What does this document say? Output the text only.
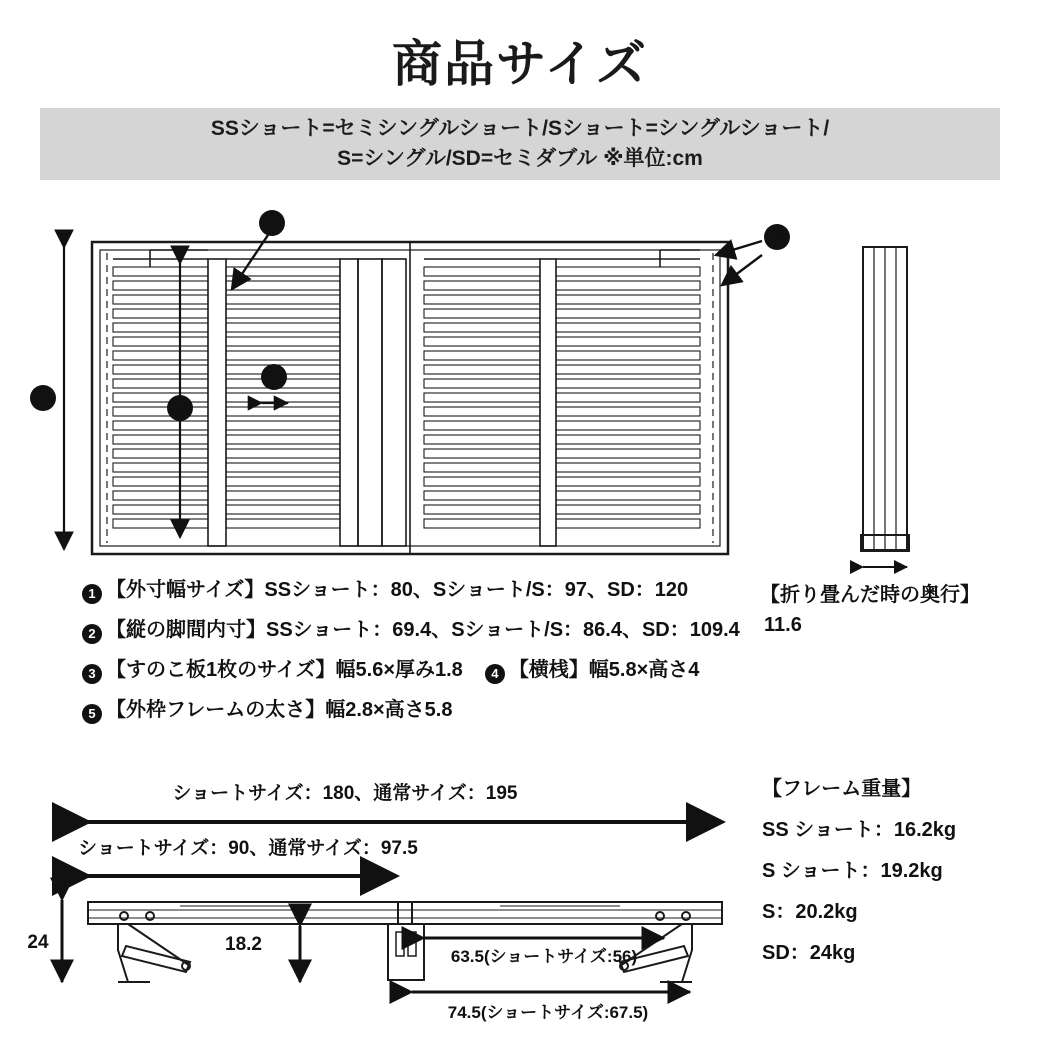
商品サイズ
SSショート=セミシングルショート/Sショート=シングルショート/
S=シングル/SD=セミダブル ※単位:cm
❶	❷
❸
❹
❺
1 【外寸幅サイズ】SSショート：80、Sショート/S：97、SD：120
2 【縦の脚間内寸】SSショート：69.4、Sショート/S：86.4、SD：109.4
3 【すのこ板1枚のサイズ】幅5.6×厚み1.8 4 【横桟】幅5.8×高さ4
5 【外枠フレームの太さ】幅2.8×高さ5.8
【折り畳んだ時の奥行】
11.6
【フレーム重量】
SS ショート：16.2kg
S ショート：19.2kg
S：20.2kg
SD：24kg
ショートサイズ：180、通常サイズ：195
ショートサイズ：90、通常サイズ：97.5
24	18.2
63.5(ショートサイズ:56)
74.5(ショートサイズ:67.5)
